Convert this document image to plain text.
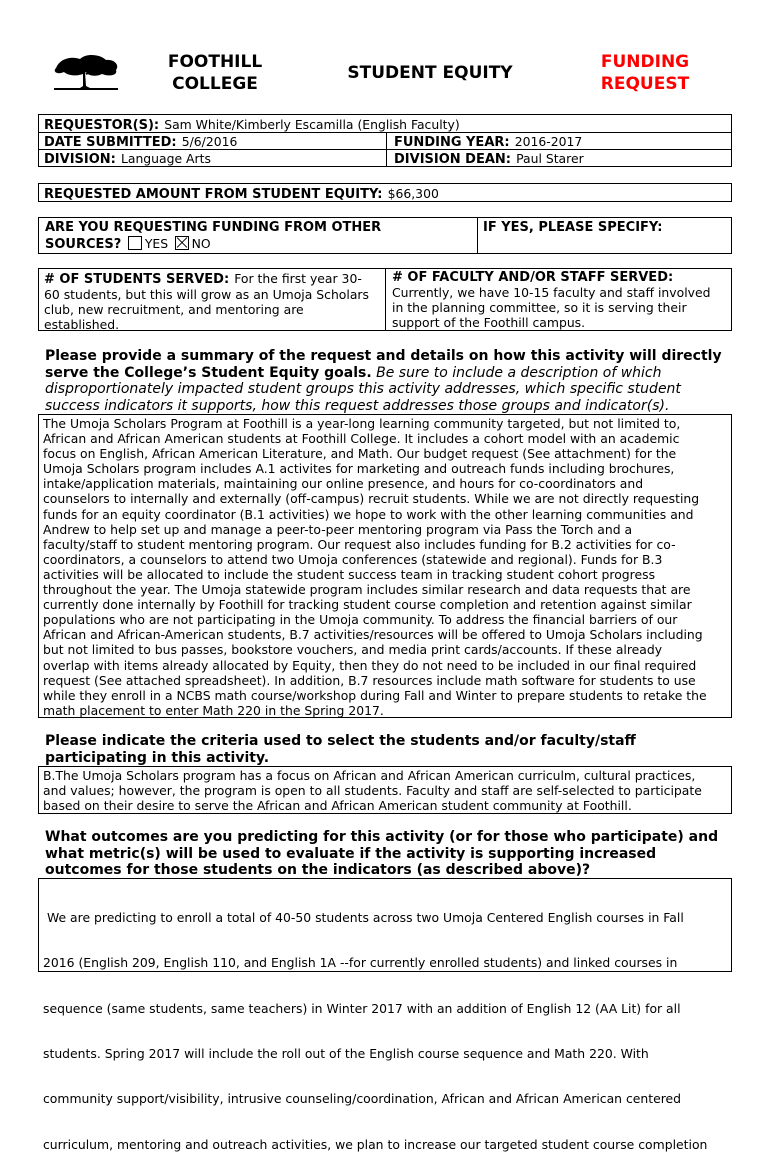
FOOTHILL
COLLEGE
STUDENT EQUITY
FUNDING
REQUEST
REQUESTOR(S): Sam White/Kimberly Escamilla (English Faculty)
DATE SUBMITTED: 5/6/2016	FUNDING YEAR: 2016-2017
DIVISION: Language Arts	DIVISION DEAN: Paul Starer
REQUESTED AMOUNT FROM STUDENT EQUITY: $66,300
ARE YOU REQUESTING FUNDING FROM OTHER
SOURCES? YES NO
IF YES, PLEASE SPECIFY:
# OF STUDENTS SERVED: For the first year 30-
60 students, but this will grow as an Umoja Scholars
club, new recruitment, and mentoring are
established.
# OF FACULTY AND/OR STAFF SERVED:
Currently, we have 10-15 faculty and staff involved
in the planning committee, so it is serving their
support of the Foothill campus.
Please provide a summary of the request and details on how this activity will directly
serve the College’s Student Equity goals. Be sure to include a description of which
disproportionately impacted student groups this activity addresses, which specific student
success indicators it supports, how this request addresses those groups and indicator(s).
The Umoja Scholars Program at Foothill is a year-long learning community targeted, but not limited to,
African and African American students at Foothill College. It includes a cohort model with an academic
focus on English, African American Literature, and Math. Our budget request (See attachment) for the
Umoja Scholars program includes A.1 activites for marketing and outreach funds including brochures,
intake/application materials, maintaining our online presence, and hours for co-coordinators and
counselors to internally and externally (off-campus) recruit students. While we are not directly requesting
funds for an equity coordinator (B.1 activities) we hope to work with the other learning communities and
Andrew to help set up and manage a peer-to-peer mentoring program via Pass the Torch and a
faculty/staff to student mentoring program. Our request also includes funding for B.2 activities for co-
coordinators, a counselors to attend two Umoja conferences (statewide and regional). Funds for B.3
activities will be allocated to include the student success team in tracking student cohort progress
throughout the year. The Umoja statewide program includes similar research and data requests that are
currently done internally by Foothill for tracking student course completion and retention against similar
populations who are not participating in the Umoja community. To address the financial barriers of our
African and African-American students, B.7 activities/resources will be offered to Umoja Scholars including
but not limited to bus passes, bookstore vouchers, and media print cards/accounts. If these already
overlap with items already allocated by Equity, then they do not need to be included in our final required
request (See attached spreadsheet). In addition, B.7 resources include math software for students to use
while they enroll in a NCBS math course/workshop during Fall and Winter to prepare students to retake the
math placement to enter Math 220 in the Spring 2017.
Please indicate the criteria used to select the students and/or faculty/staff
participating in this activity.
B.The Umoja Scholars program has a focus on African and African American curriculm, cultural practices,
and values; however, the program is open to all students. Faculty and staff are self-selected to participate
based on their desire to serve the African and African American student community at Foothill.
What outcomes are you predicting for this activity (or for those who participate) and
what metric(s) will be used to evaluate if the activity is supporting increased
outcomes for those students on the indicators (as described above)?

We are predicting to enroll a total of 40-50 students across two Umoja Centered English courses in Fall

2016 (English 209, English 110, and English 1A --for currently enrolled students) and linked courses in

sequence (same students, same teachers) in Winter 2017 with an addition of English 12 (AA Lit) for all

students. Spring 2017 will include the roll out of the English course sequence and Math 220. With

community support/visibility, intrusive counseling/coordination, African and African American centered

curriculum, mentoring and outreach activities, we plan to increase our targeted student course completion
